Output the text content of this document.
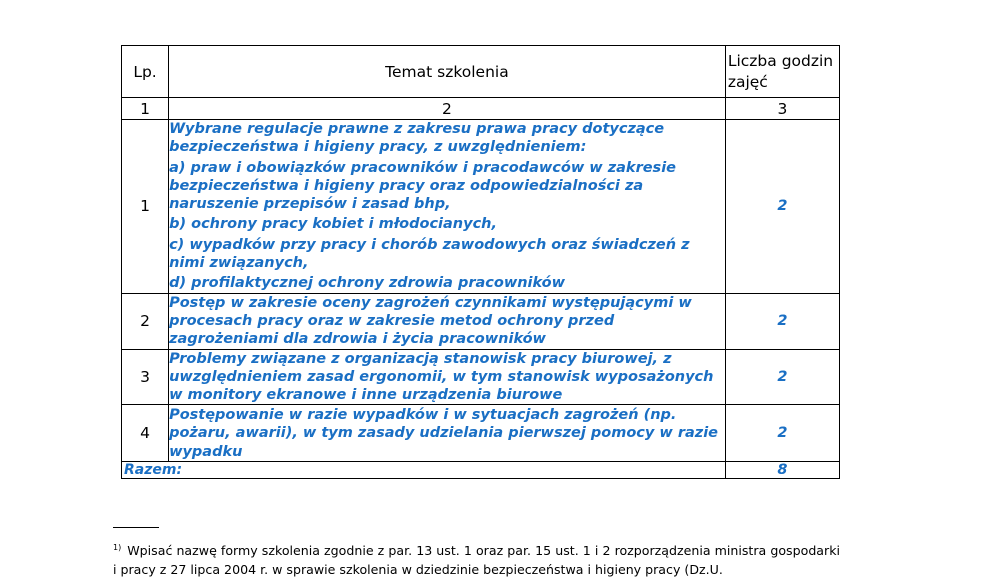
Lp.	Temat szkolenia	Liczba godzin zajęć
1	2	3
1	Wybrane regulacje prawne z zakresu prawa pracy dotyczące bezpieczeństwa i higieny pracy, z uwzględnieniem:
a) praw i obowiązków pracowników i pracodawców w zakresie bezpieczeństwa i higieny pracy oraz odpowiedzialności za naruszenie przepisów i zasad bhp,
b) ochrony pracy kobiet i młodocianych,
c) wypadków przy pracy i chorób zawodowych oraz świadczeń z nimi związanych,
d) profilaktycznej ochrony zdrowia pracowników	2
2	Postęp w zakresie oceny zagrożeń czynnikami występującymi w procesach pracy oraz w zakresie metod ochrony przed zagrożeniami dla zdrowia i życia pracowników	2
3	Problemy związane z organizacją stanowisk pracy biurowej, z uwzględnieniem zasad ergonomii, w tym stanowisk wyposażonych w monitory ekranowe i inne urządzenia biurowe	2
4	Postępowanie w razie wypadków i w sytuacjach zagrożeń (np. pożaru, awarii), w tym zasady udzielania pierwszej pomocy w razie wypadku	2
Razem:		8
$^{1)}$ Wpisać nazwę formy szkolenia zgodnie z par. 13 ust. 1 oraz par. 15 ust. 1 i 2 rozporządzenia ministra gospodarki i pracy z 27 lipca 2004 r. w sprawie szkolenia w dziedzinie bezpieczeństwa i higieny pracy (Dz.U.
